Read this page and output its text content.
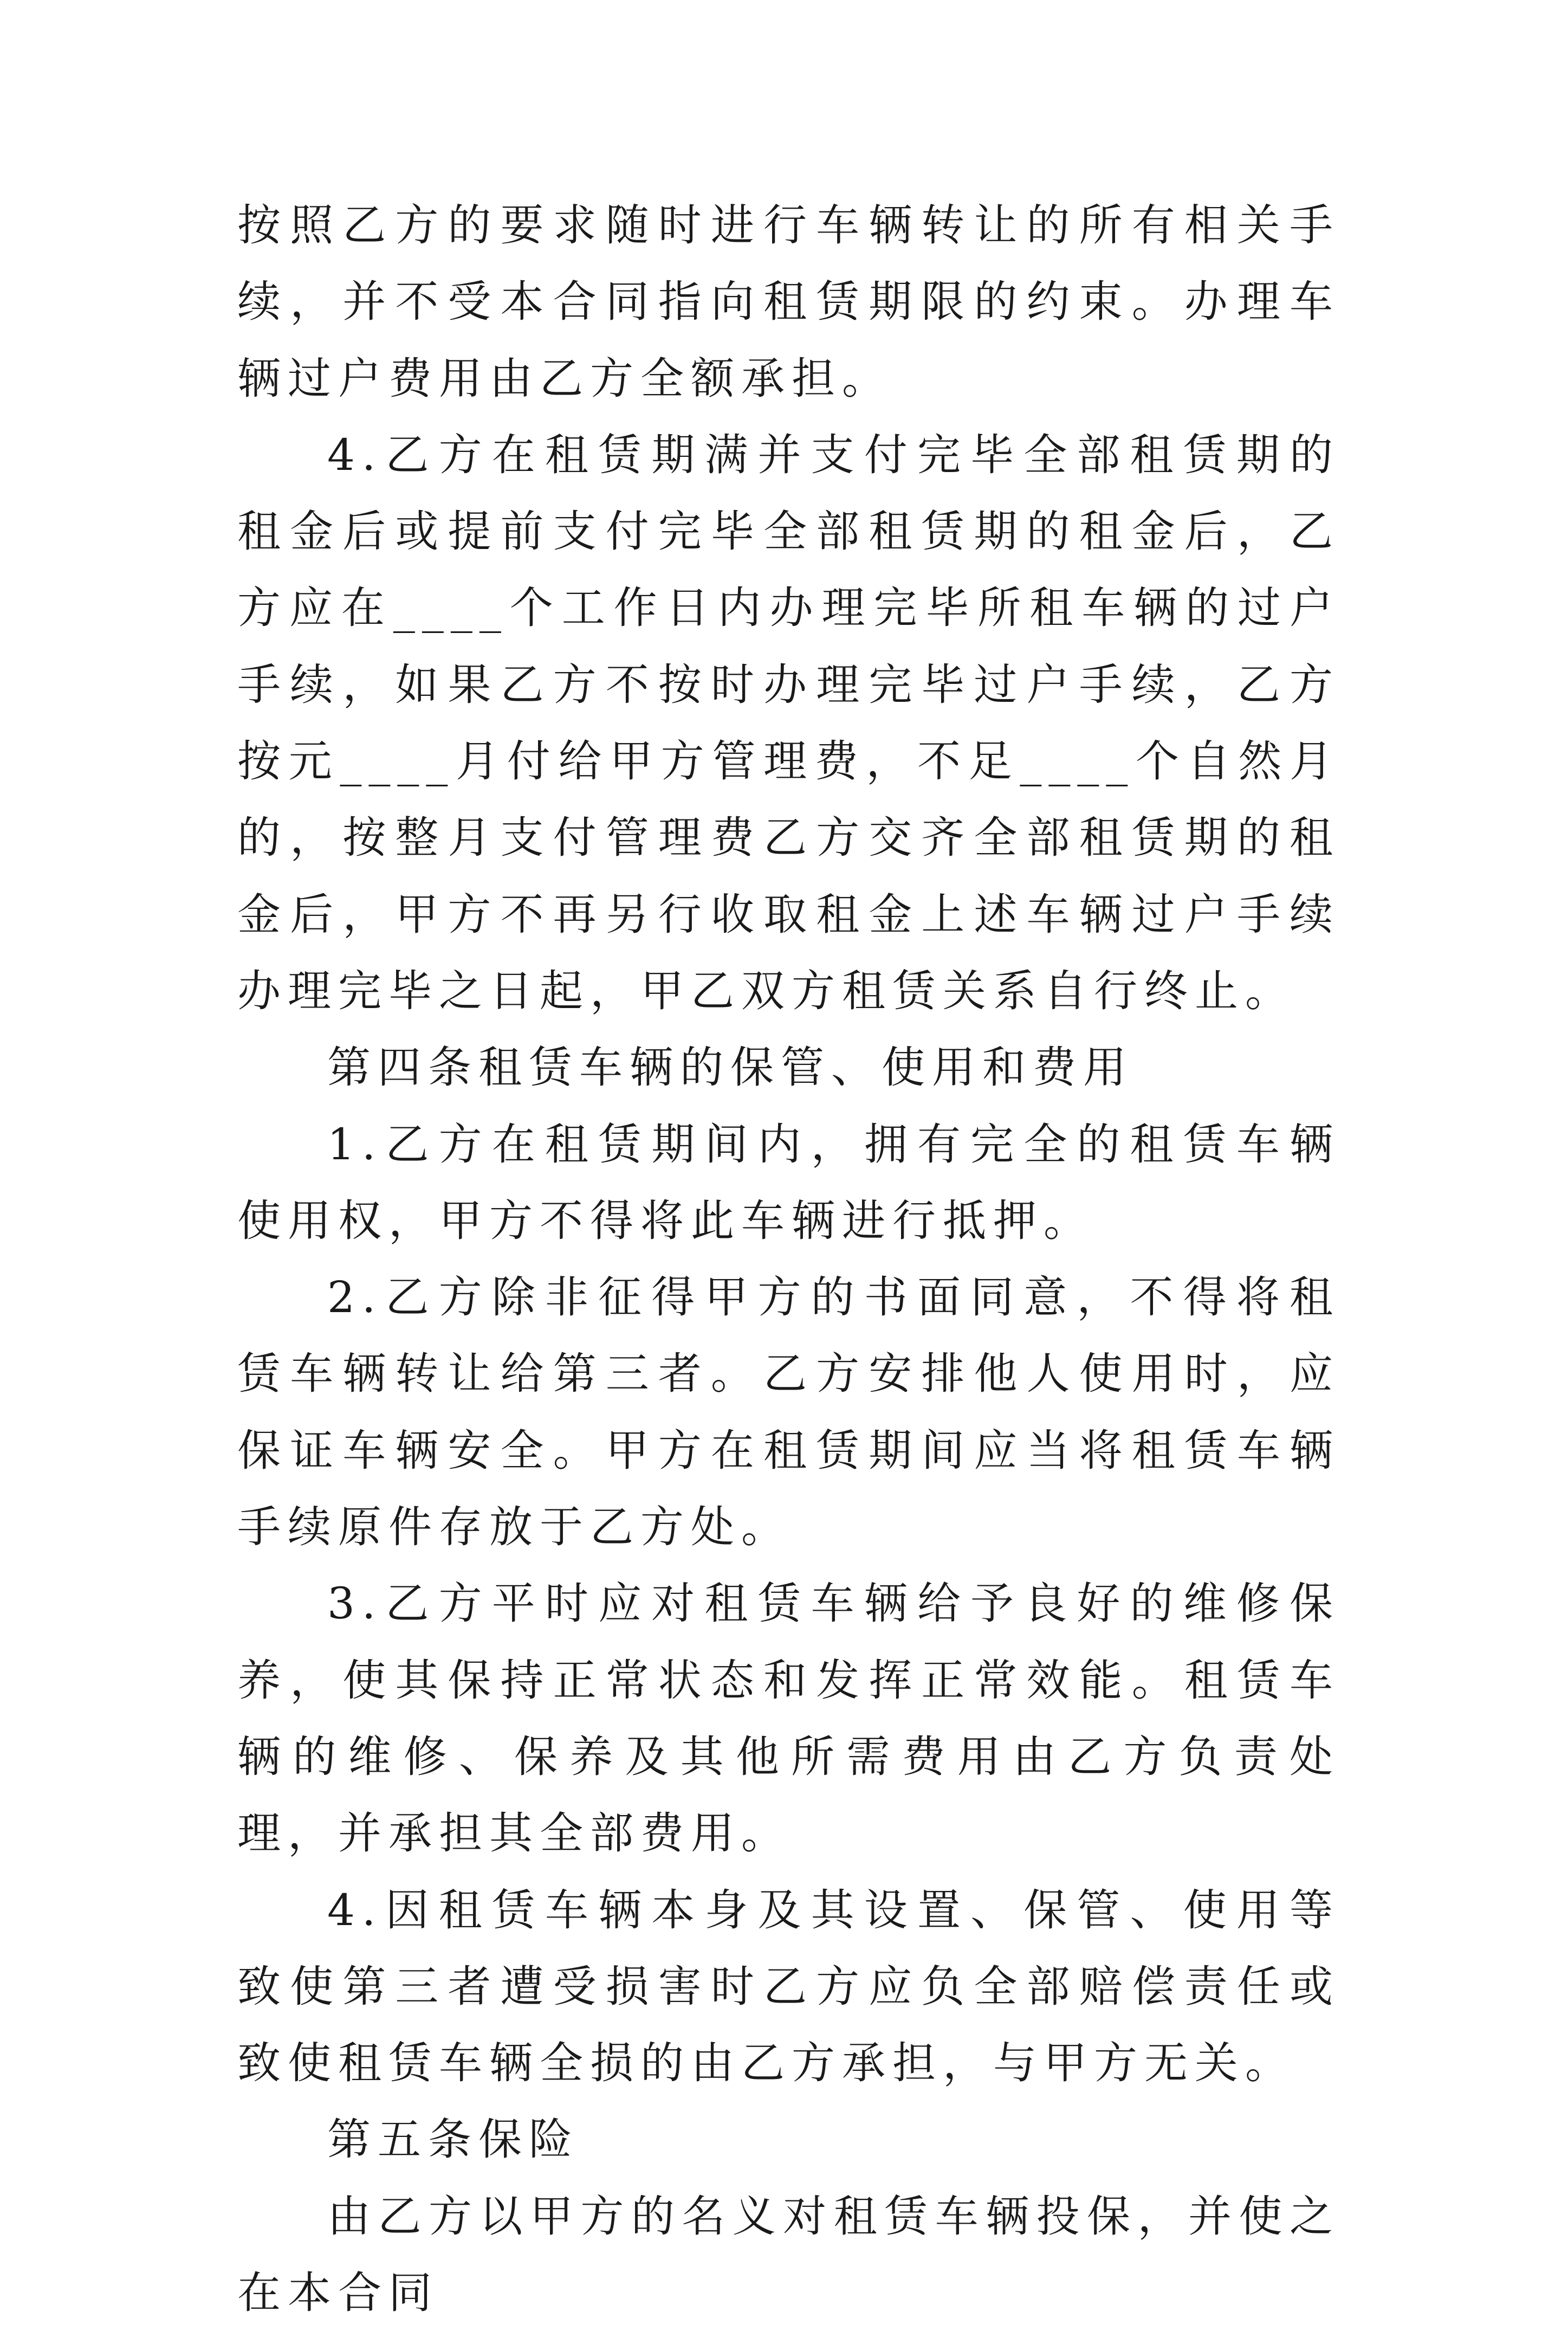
按照乙方的要求随时进行车辆转让的所有相关手续，并不受本合同指向租赁期限的约束。办理车辆过户费用由乙方全额承担。

4.乙方在租赁期满并支付完毕全部租赁期的租金后或提前支付完毕全部租赁期的租金后，乙方应在____个工作日内办理完毕所租车辆的过户手续，如果乙方不按时办理完毕过户手续，乙方按元____月付给甲方管理费，不足____个自然月的，按整月支付管理费乙方交齐全部租赁期的租金后，甲方不再另行收取租金上述车辆过户手续办理完毕之日起，甲乙双方租赁关系自行终止。

第四条租赁车辆的保管、使用和费用

1.乙方在租赁期间内，拥有完全的租赁车辆使用权，甲方不得将此车辆进行抵押。

2.乙方除非征得甲方的书面同意，不得将租赁车辆转让给第三者。乙方安排他人使用时，应保证车辆安全。甲方在租赁期间应当将租赁车辆手续原件存放于乙方处。

3.乙方平时应对租赁车辆给予良好的维修保养，使其保持正常状态和发挥正常效能。租赁车辆的维修、保养及其他所需费用由乙方负责处理，并承担其全部费用。

4.因租赁车辆本身及其设置、保管、使用等致使第三者遭受损害时乙方应负全部赔偿责任或致使租赁车辆全损的由乙方承担，与甲方无关。

第五条保险

由乙方以甲方的名义对租赁车辆投保，并使之在本合同
